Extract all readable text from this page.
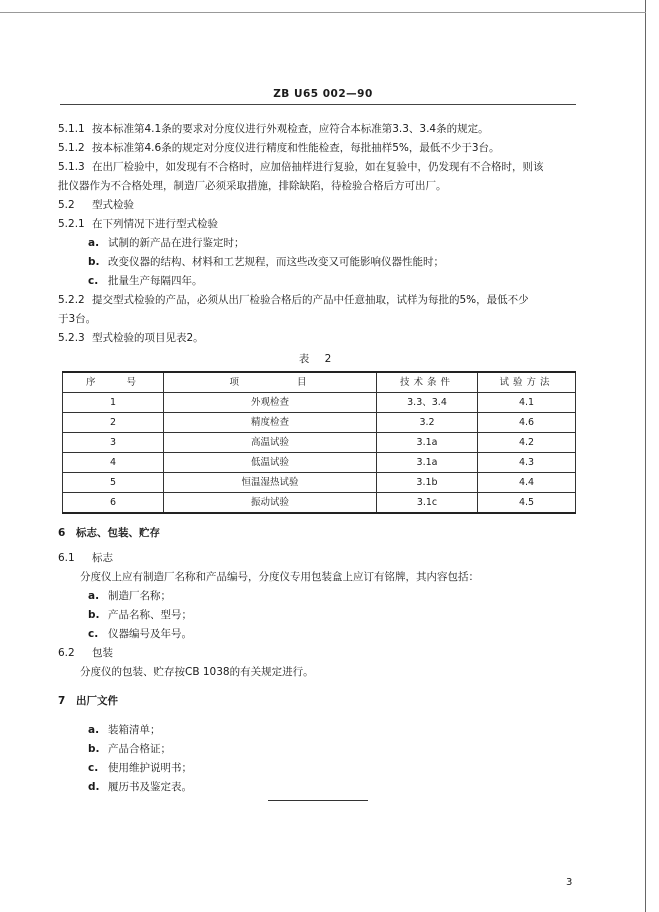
ZB U65 002—90
5.1.1 按本标准第4.1条的要求对分度仪进行外观检查，应符合本标准第3.3、3.4条的规定。
5.1.2 按本标准第4.6条的规定对分度仪进行精度和性能检查，每批抽样5%，最低不少于3台。
5.1.3 在出厂检验中，如发现有不合格时，应加倍抽样进行复验，如在复验中，仍发现有不合格时，则该
批仪器作为不合格处理，制造厂必须采取措施，排除缺陷，待检验合格后方可出厂。
5.2 型式检验
5.2.1 在下列情况下进行型式检验
a. 试制的新产品在进行鉴定时；
b. 改变仪器的结构、材料和工艺规程，而这些改变又可能影响仪器性能时；
c. 批量生产每隔四年。
5.2.2 提交型式检验的产品，必须从出厂检验合格后的产品中任意抽取，试样为每批的5%，最低不少
于3台。
5.2.3 型式检验的项目见表2。
表 2
序　　号	项　　　　目	技术条件	试验方法
1	外观检查	3.3、3.4	4.1
2	精度检查	3.2	4.6
3	高温试验	3.1a	4.2
4	低温试验	3.1a	4.3
5	恒温湿热试验	3.1b	4.4
6	振动试验	3.1c	4.5
6 标志、包装、贮存
6.1 标志
分度仪上应有制造厂名称和产品编号，分度仪专用包装盒上应订有铭牌，其内容包括：
a. 制造厂名称；
b. 产品名称、型号；
c. 仪器编号及年号。
6.2 包装
分度仪的包装、贮存按CB 1038的有关规定进行。
7 出厂文件
a. 装箱清单；
b. 产品合格证；
c. 使用维护说明书；
d. 履历书及鉴定表。
3
